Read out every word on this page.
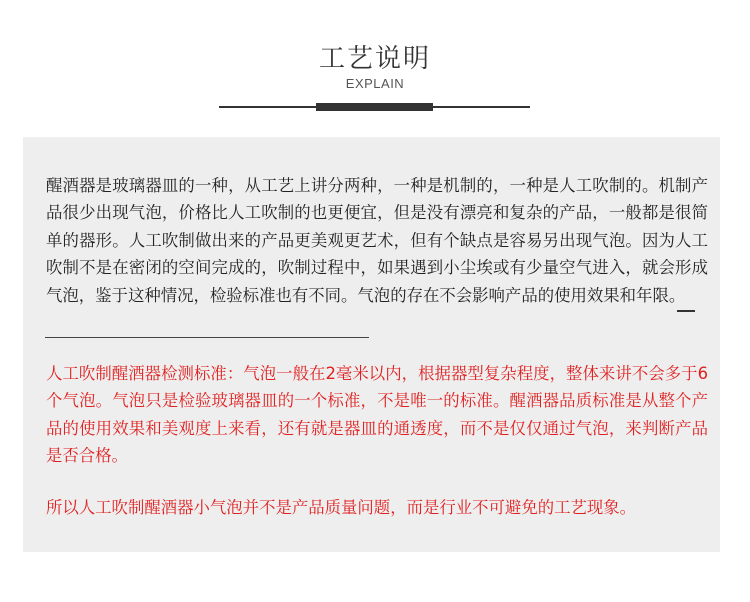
工艺说明
EXPLAIN

醒酒器是玻璃器皿的一种，从工艺上讲分两种，一种是机制的，一种是人工吹制的。机制产品很少出现气泡，价格比人工吹制的也更便宜，但是没有漂亮和复杂的产品，一般都是很简单的器形。人工吹制做出来的产品更美观更艺术，但有个缺点是容易另出现气泡。因为人工吹制不是在密闭的空间完成的，吹制过程中，如果遇到小尘埃或有少量空气进入，就会形成气泡，鉴于这种情况，检验标准也有不同。气泡的存在不会影响产品的使用效果和年限。

人工吹制醒酒器检测标准：气泡一般在2毫米以内，根据器型复杂程度，整体来讲不会多于6个气泡。气泡只是检验玻璃器皿的一个标准，不是唯一的标准。醒酒器品质标准是从整个产品的使用效果和美观度上来看，还有就是器皿的通透度，而不是仅仅通过气泡，来判断产品是否合格。

所以人工吹制醒酒器小气泡并不是产品质量问题，而是行业不可避免的工艺现象。
